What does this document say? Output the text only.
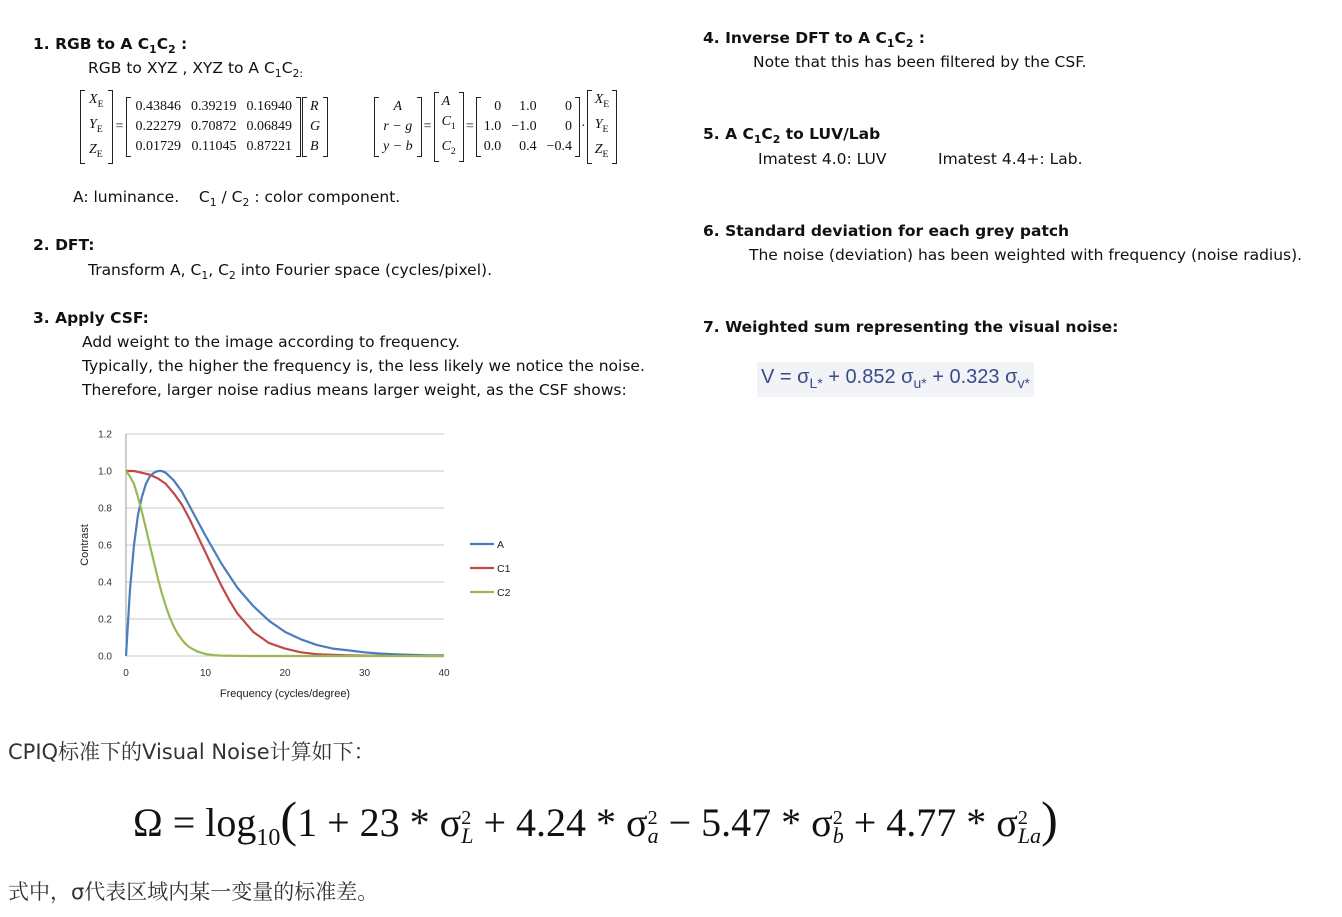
1. RGB to A $C_1C_2$ :
RGB to XYZ , XYZ to A $C_1C_{2:}$
$X_E$
$Y_E$
$Z_E$
	=	
0.43846	0.39219	0.16940
0.22279	0.70872	0.06849
0.01729	0.11045	0.87221

R
G
B
A
r − g
y − b
	=	
A
$C_1$
$C_2$
	=	
0	1.0	0
1.0	−1.0	0
0.0	0.4	−0.4
	·	
$X_E$
$Y_E$
$Z_E$
A: luminance. $C_1 / C_2$ : color component.
2. DFT:
Transform A, $C_1$, $C_2$ into Fourier space (cycles/pixel).
3. Apply CSF:
Add weight to the image according to frequency.
Typically, the higher the frequency is, the less likely we notice the noise.
Therefore, larger noise radius means larger weight, as the CSF shows:
0.0
0.2
0.4
0.6
0.8
1.0
1.2
0	10	20	30	40
Frequency (cycles/degree)
Contrast	A
C1
C2
4. Inverse DFT to A $C_1C_2$ :
Note that this has been filtered by the CSF.
5. A $C_1C_2$ to LUV/Lab
Imatest 4.0: LUV	Imatest 4.4+: Lab.
6. Standard deviation for each grey patch
The noise (deviation) has been weighted with frequency (noise radius).
7. Weighted sum representing the visual noise:
$V = \sigma_{L*} + 0.852$ $\sigma_{u*} + 0.323$ $\sigma_{v*}$
CPIQ标准下的Visual Noise计算如下：
$\Omega = \log_{10}(1 + 23 * \sigma$ 2
L + 4.24 * σ 2
a − 5.47 * σ 2
b + 4.77 * σ 2
La )
式中，σ代表区域内某一变量的标准差。
